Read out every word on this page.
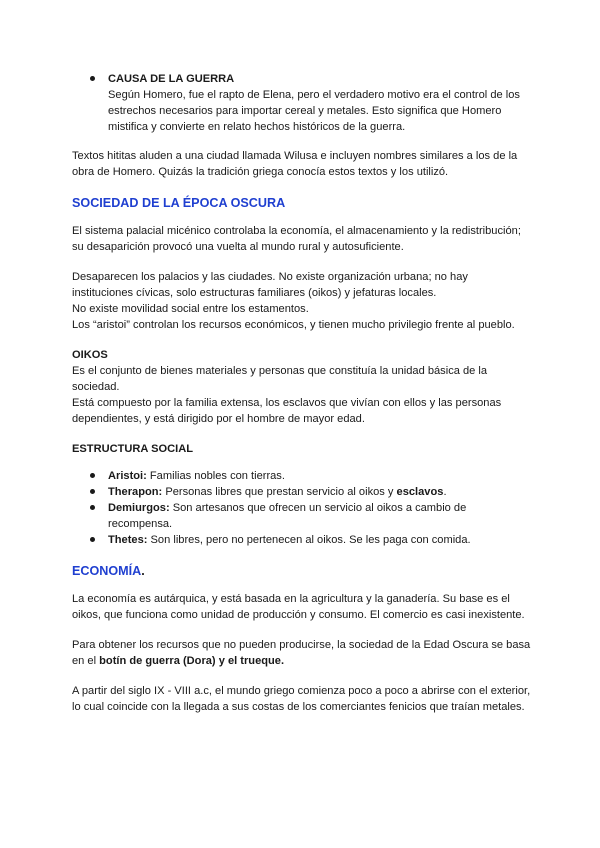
CAUSA DE LA GUERRA

Según Homero, fue el rapto de Elena, pero el verdadero motivo era el control de los estrechos necesarios para importar cereal y metales. Esto significa que Homero mistifica y convierte en relato hechos históricos de la guerra.

Textos hititas aluden a una ciudad llamada Wilusa e incluyen nombres similares a los de la obra de Homero. Quizás la tradición griega conocía estos textos y los utilizó.

SOCIEDAD DE LA ÉPOCA OSCURA

El sistema palacial micénico controlaba la economía, el almacenamiento y la redistribución; su desaparición provocó una vuelta al mundo rural y autosuficiente.

Desaparecen los palacios y las ciudades. No existe organización urbana; no hay instituciones cívicas, solo estructuras familiares (oikos) y jefaturas locales.

No existe movilidad social entre los estamentos.

Los “aristoi” controlan los recursos económicos, y tienen mucho privilegio frente al pueblo.

OIKOS

Es el conjunto de bienes materiales y personas que constituía la unidad básica de la sociedad.

Está compuesto por la familia extensa, los esclavos que vivían con ellos y las personas dependientes, y está dirigido por el hombre de mayor edad.

ESTRUCTURA SOCIAL

Aristoi: Familias nobles con tierras.
Therapon: Personas libres que prestan servicio al oikos y esclavos.
Demiurgos: Son artesanos que ofrecen un servicio al oikos a cambio de recompensa.
Thetes: Son libres, pero no pertenecen al oikos. Se les paga con comida.
ECONOMÍA.

La economía es autárquica, y está basada en la agricultura y la ganadería. Su base es el oikos, que funciona como unidad de producción y consumo. El comercio es casi inexistente.

Para obtener los recursos que no pueden producirse, la sociedad de la Edad Oscura se basa en el botín de guerra (Dora) y el trueque.

A partir del siglo IX - VIII a.c, el mundo griego comienza poco a poco a abrirse con el exterior, lo cual coincide con la llegada a sus costas de los comerciantes fenicios que traían metales.
